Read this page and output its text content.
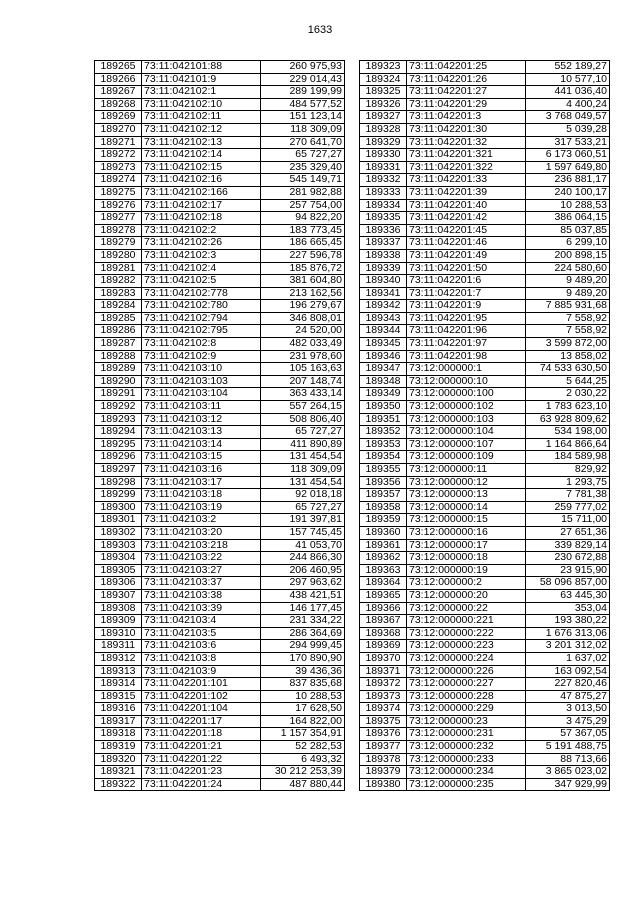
1633
189265	73:11:042101:88	260 975,93
189266	73:11:042101:9	229 014,43
189267	73:11:042102:1	289 199,99
189268	73:11:042102:10	484 577,52
189269	73:11:042102:11	151 123,14
189270	73:11:042102:12	118 309,09
189271	73:11:042102:13	270 641,70
189272	73:11:042102:14	65 727,27
189273	73:11:042102:15	235 329,40
189274	73:11:042102:16	545 149,71
189275	73:11:042102:166	281 982,88
189276	73:11:042102:17	257 754,00
189277	73:11:042102:18	94 822,20
189278	73:11:042102:2	183 773,45
189279	73:11:042102:26	186 665,45
189280	73:11:042102:3	227 596,78
189281	73:11:042102:4	185 876,72
189282	73:11:042102:5	381 604,80
189283	73:11:042102:778	213 162,56
189284	73:11:042102:780	196 279,67
189285	73:11:042102:794	346 808,01
189286	73:11:042102:795	24 520,00
189287	73:11:042102:8	482 033,49
189288	73:11:042102:9	231 978,60
189289	73:11:042103:10	105 163,63
189290	73:11:042103:103	207 148,74
189291	73:11:042103:104	363 433,14
189292	73:11:042103:11	557 264,15
189293	73:11:042103:12	508 806,40
189294	73:11:042103:13	65 727,27
189295	73:11:042103:14	411 890,89
189296	73:11:042103:15	131 454,54
189297	73:11:042103:16	118 309,09
189298	73:11:042103:17	131 454,54
189299	73:11:042103:18	92 018,18
189300	73:11:042103:19	65 727,27
189301	73:11:042103:2	191 397,81
189302	73:11:042103:20	157 745,45
189303	73:11:042103:218	41 053,70
189304	73:11:042103:22	244 866,30
189305	73:11:042103:27	206 460,95
189306	73:11:042103:37	297 963,62
189307	73:11:042103:38	438 421,51
189308	73:11:042103:39	146 177,45
189309	73:11:042103:4	231 334,22
189310	73:11:042103:5	286 364,69
189311	73:11:042103:6	294 999,45
189312	73:11:042103:8	170 890,90
189313	73:11:042103:9	39 436,36
189314	73:11:042201:101	837 835,68
189315	73:11:042201:102	10 288,53
189316	73:11:042201:104	17 628,50
189317	73:11:042201:17	164 822,00
189318	73:11:042201:18	1 157 354,91
189319	73:11:042201:21	52 282,53
189320	73:11:042201:22	6 493,32
189321	73:11:042201:23	30 212 253,39
189322	73:11:042201:24	487 880,44
189323	73:11:042201:25	552 189,27
189324	73:11:042201:26	10 577,10
189325	73:11:042201:27	441 036,40
189326	73:11:042201:29	4 400,24
189327	73:11:042201:3	3 768 049,57
189328	73:11:042201:30	5 039,28
189329	73:11:042201:32	317 533,21
189330	73:11:042201:321	6 173 060,51
189331	73:11:042201:322	1 597 649,80
189332	73:11:042201:33	236 881,17
189333	73:11:042201:39	240 100,17
189334	73:11:042201:40	10 288,53
189335	73:11:042201:42	386 064,15
189336	73:11:042201:45	85 037,85
189337	73:11:042201:46	6 299,10
189338	73:11:042201:49	200 898,15
189339	73:11:042201:50	224 580,60
189340	73:11:042201:6	9 489,20
189341	73:11:042201:7	9 489,20
189342	73:11:042201:9	7 885 931,68
189343	73:11:042201:95	7 558,92
189344	73:11:042201:96	7 558,92
189345	73:11:042201:97	3 599 872,00
189346	73:11:042201:98	13 858,02
189347	73:12:000000:1	74 533 630,50
189348	73:12:000000:10	5 644,25
189349	73:12:000000:100	2 030,22
189350	73:12:000000:102	1 783 623,10
189351	73:12:000000:103	63 928 809,62
189352	73:12:000000:104	534 198,00
189353	73:12:000000:107	1 164 866,64
189354	73:12:000000:109	184 589,98
189355	73:12:000000:11	829,92
189356	73:12:000000:12	1 293,75
189357	73:12:000000:13	7 781,38
189358	73:12:000000:14	259 777,02
189359	73:12:000000:15	15 711,00
189360	73:12:000000:16	27 651,36
189361	73:12:000000:17	339 829,14
189362	73:12:000000:18	230 672,88
189363	73:12:000000:19	23 915,90
189364	73:12:000000:2	58 096 857,00
189365	73:12:000000:20	63 445,30
189366	73:12:000000:22	353,04
189367	73:12:000000:221	193 380,22
189368	73:12:000000:222	1 676 313,06
189369	73:12:000000:223	3 201 312,02
189370	73:12:000000:224	1 637,02
189371	73:12:000000:226	163 092,54
189372	73:12:000000:227	227 820,46
189373	73:12:000000:228	47 875,27
189374	73:12:000000:229	3 013,50
189375	73:12:000000:23	3 475,29
189376	73:12:000000:231	57 367,05
189377	73:12:000000:232	5 191 488,75
189378	73:12:000000:233	88 713,66
189379	73:12:000000:234	3 865 023,02
189380	73:12:000000:235	347 929,99
